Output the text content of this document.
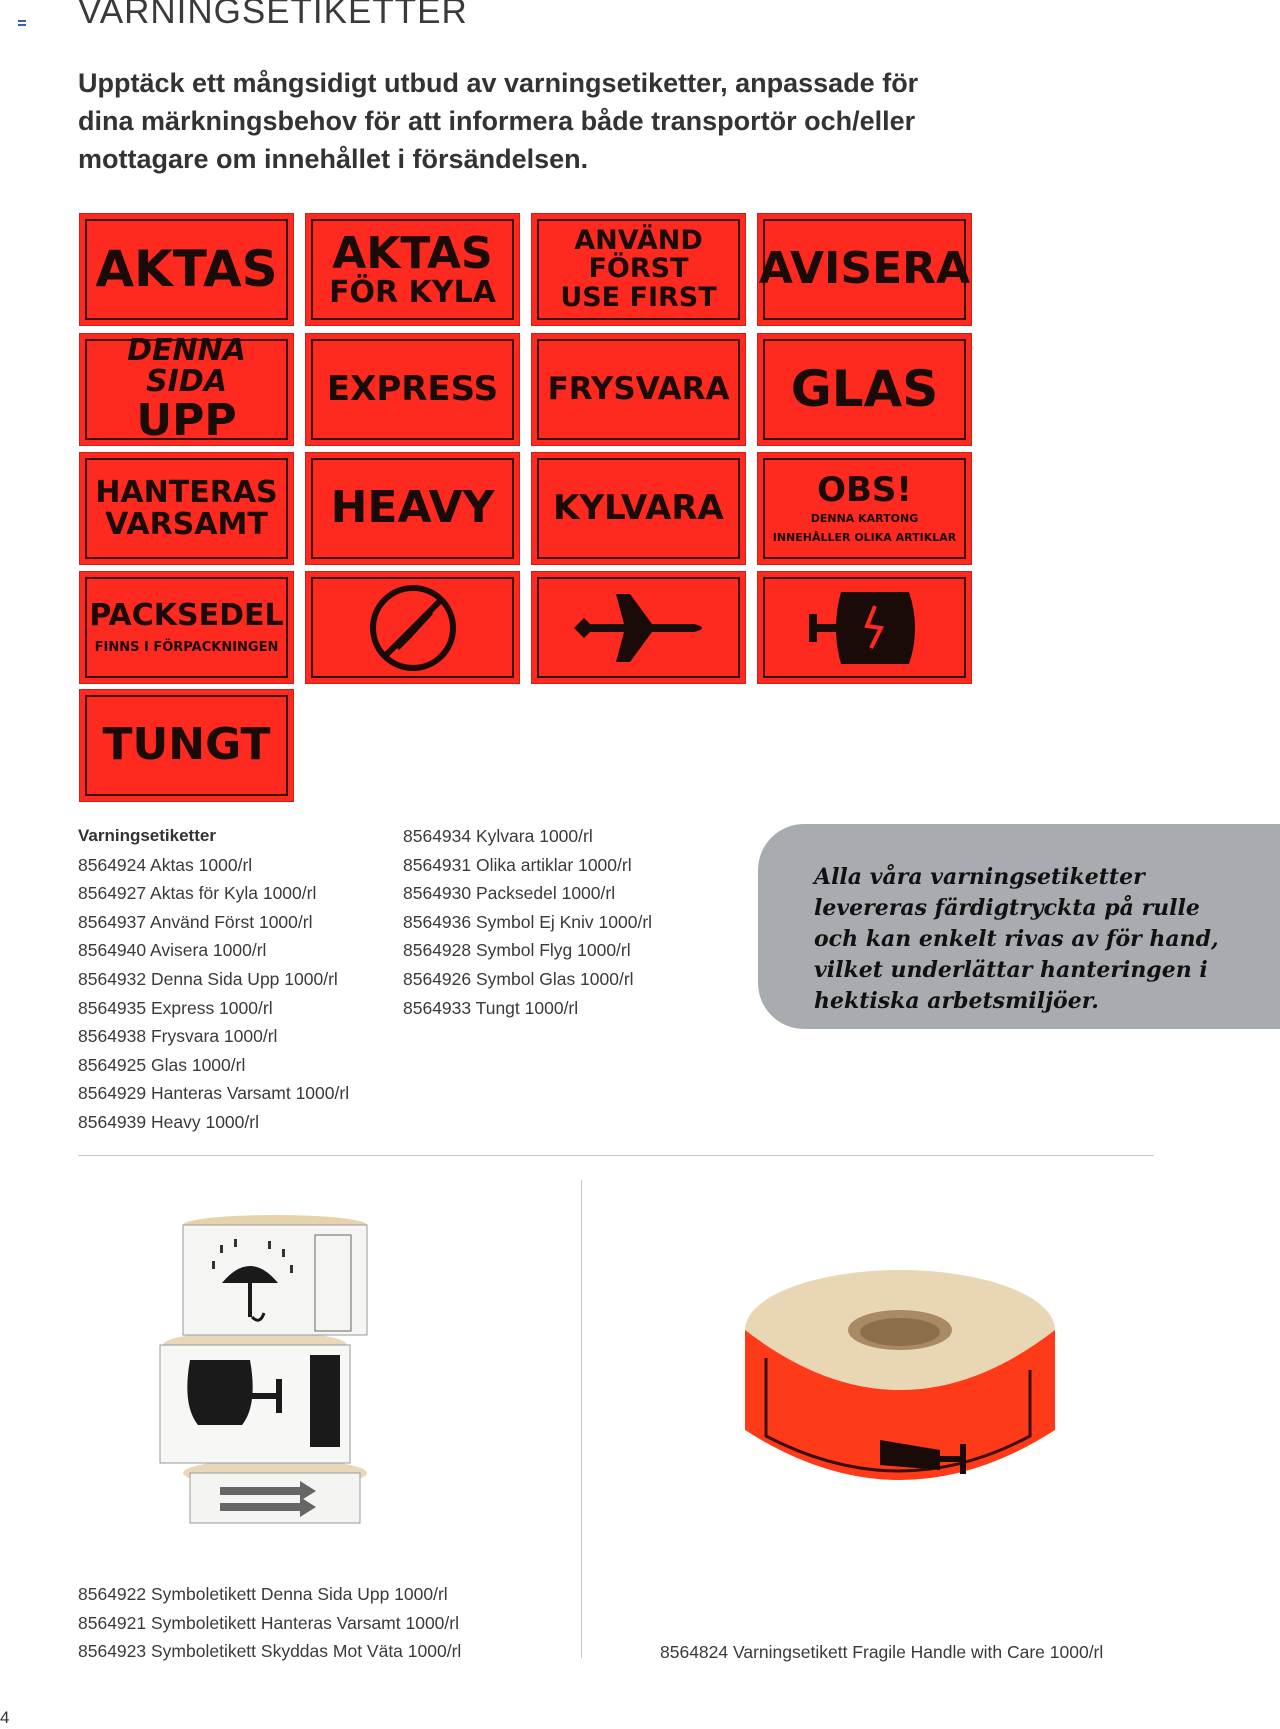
VARNINGSETIKETTER
Upptäck ett mångsidigt utbud av varningsetiketter, anpassade för dina märkningsbehov för att informera både transportör och/eller mottagare om innehållet i försändelsen.
AKTAS AKTAS
FÖR KYLA
ANVÄND FÖRST
USE FIRST
AVISERA
DENNA SIDA
UPP
EXPRESS FRYSVARA GLAS
HANTERAS
VARSAMT HEAVY KYLVARA	OBS!
DENNA KARTONG
INNEHÅLLER OLIKA ARTIKLAR
PACKSEDEL
FINNS I FÖRPACKNINGEN
TUNGT
Varningsetiketter
8564924 Aktas 1000/rl
8564927 Aktas för Kyla 1000/rl
8564937 Använd Först 1000/rl
8564940 Avisera 1000/rl
8564932 Denna Sida Upp 1000/rl
8564935 Express 1000/rl
8564938 Frysvara 1000/rl
8564925 Glas 1000/rl
8564929 Hanteras Varsamt 1000/rl
8564939 Heavy 1000/rl
8564934 Kylvara 1000/rl
8564931 Olika artiklar 1000/rl
8564930 Packsedel 1000/rl
8564936 Symbol Ej Kniv 1000/rl
8564928 Symbol Flyg 1000/rl
8564926 Symbol Glas 1000/rl
8564933 Tungt 1000/rl
Alla våra varningsetiketter levereras färdigtryckta på rulle och kan enkelt rivas av för hand, vilket underlättar hanteringen i hektiska arbetsmiljöer.
8564922 Symboletikett Denna Sida Upp 1000/rl
8564921 Symboletikett Hanteras Varsamt 1000/rl
8564923 Symboletikett Skyddas Mot Väta 1000/rl	8564824 Varningsetikett Fragile Handle with Care 1000/rl
4
